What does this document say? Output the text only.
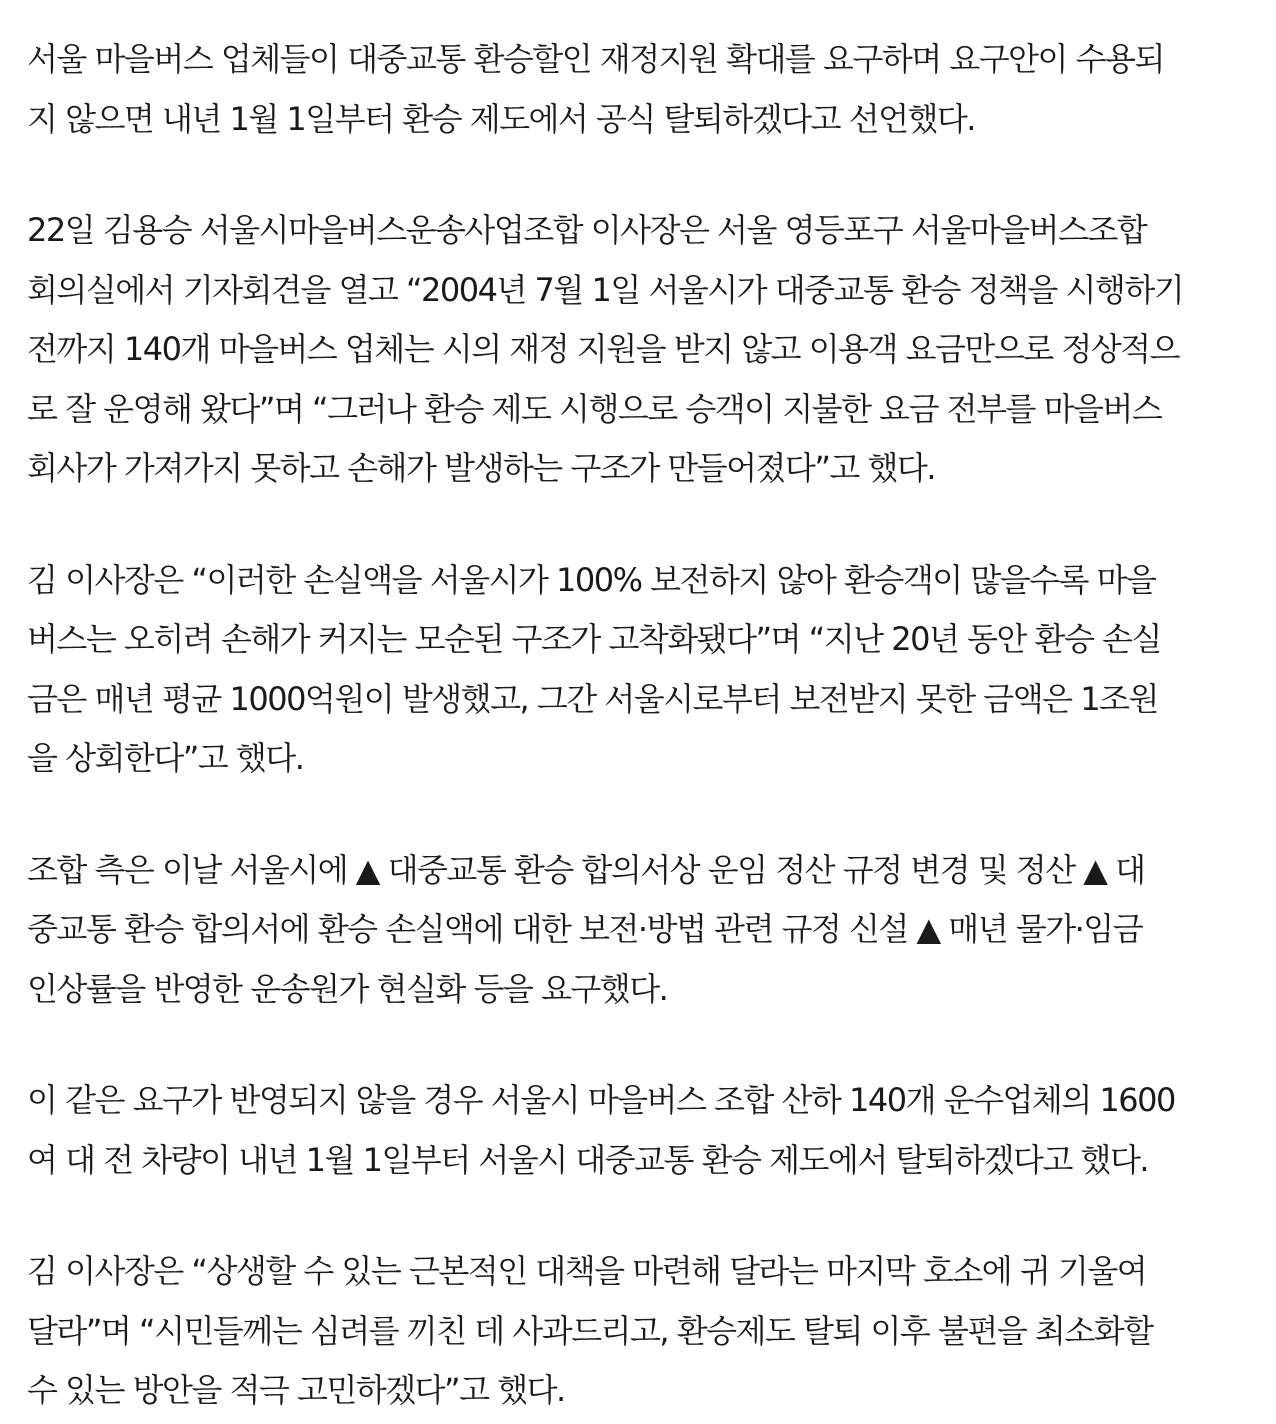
서울 마을버스 업체들이 대중교통 환승할인 재정지원 확대를 요구하며 요구안이 수용되
지 않으면 내년 1월 1일부터 환승 제도에서 공식 탈퇴하겠다고 선언했다.
22일 김용승 서울시마을버스운송사업조합 이사장은 서울 영등포구 서울마을버스조합
회의실에서 기자회견을 열고 “2004년 7월 1일 서울시가 대중교통 환승 정책을 시행하기
전까지 140개 마을버스 업체는 시의 재정 지원을 받지 않고 이용객 요금만으로 정상적으
로 잘 운영해 왔다”며 “그러나 환승 제도 시행으로 승객이 지불한 요금 전부를 마을버스
회사가 가져가지 못하고 손해가 발생하는 구조가 만들어졌다”고 했다.
김 이사장은 “이러한 손실액을 서울시가 100% 보전하지 않아 환승객이 많을수록 마을
버스는 오히려 손해가 커지는 모순된 구조가 고착화됐다”며 “지난 20년 동안 환승 손실
금은 매년 평균 1000억원이 발생했고, 그간 서울시로부터 보전받지 못한 금액은 1조원
을 상회한다”고 했다.
조합 측은 이날 서울시에 ▲ 대중교통 환승 합의서상 운임 정산 규정 변경 및 정산 ▲ 대
중교통 환승 합의서에 환승 손실액에 대한 보전·방법 관련 규정 신설 ▲ 매년 물가·임금
인상률을 반영한 운송원가 현실화 등을 요구했다.
이 같은 요구가 반영되지 않을 경우 서울시 마을버스 조합 산하 140개 운수업체의 1600
여 대 전 차량이 내년 1월 1일부터 서울시 대중교통 환승 제도에서 탈퇴하겠다고 했다.
김 이사장은 “상생할 수 있는 근본적인 대책을 마련해 달라는 마지막 호소에 귀 기울여
달라”며 “시민들께는 심려를 끼친 데 사과드리고, 환승제도 탈퇴 이후 불편을 최소화할
수 있는 방안을 적극 고민하겠다”고 했다.
